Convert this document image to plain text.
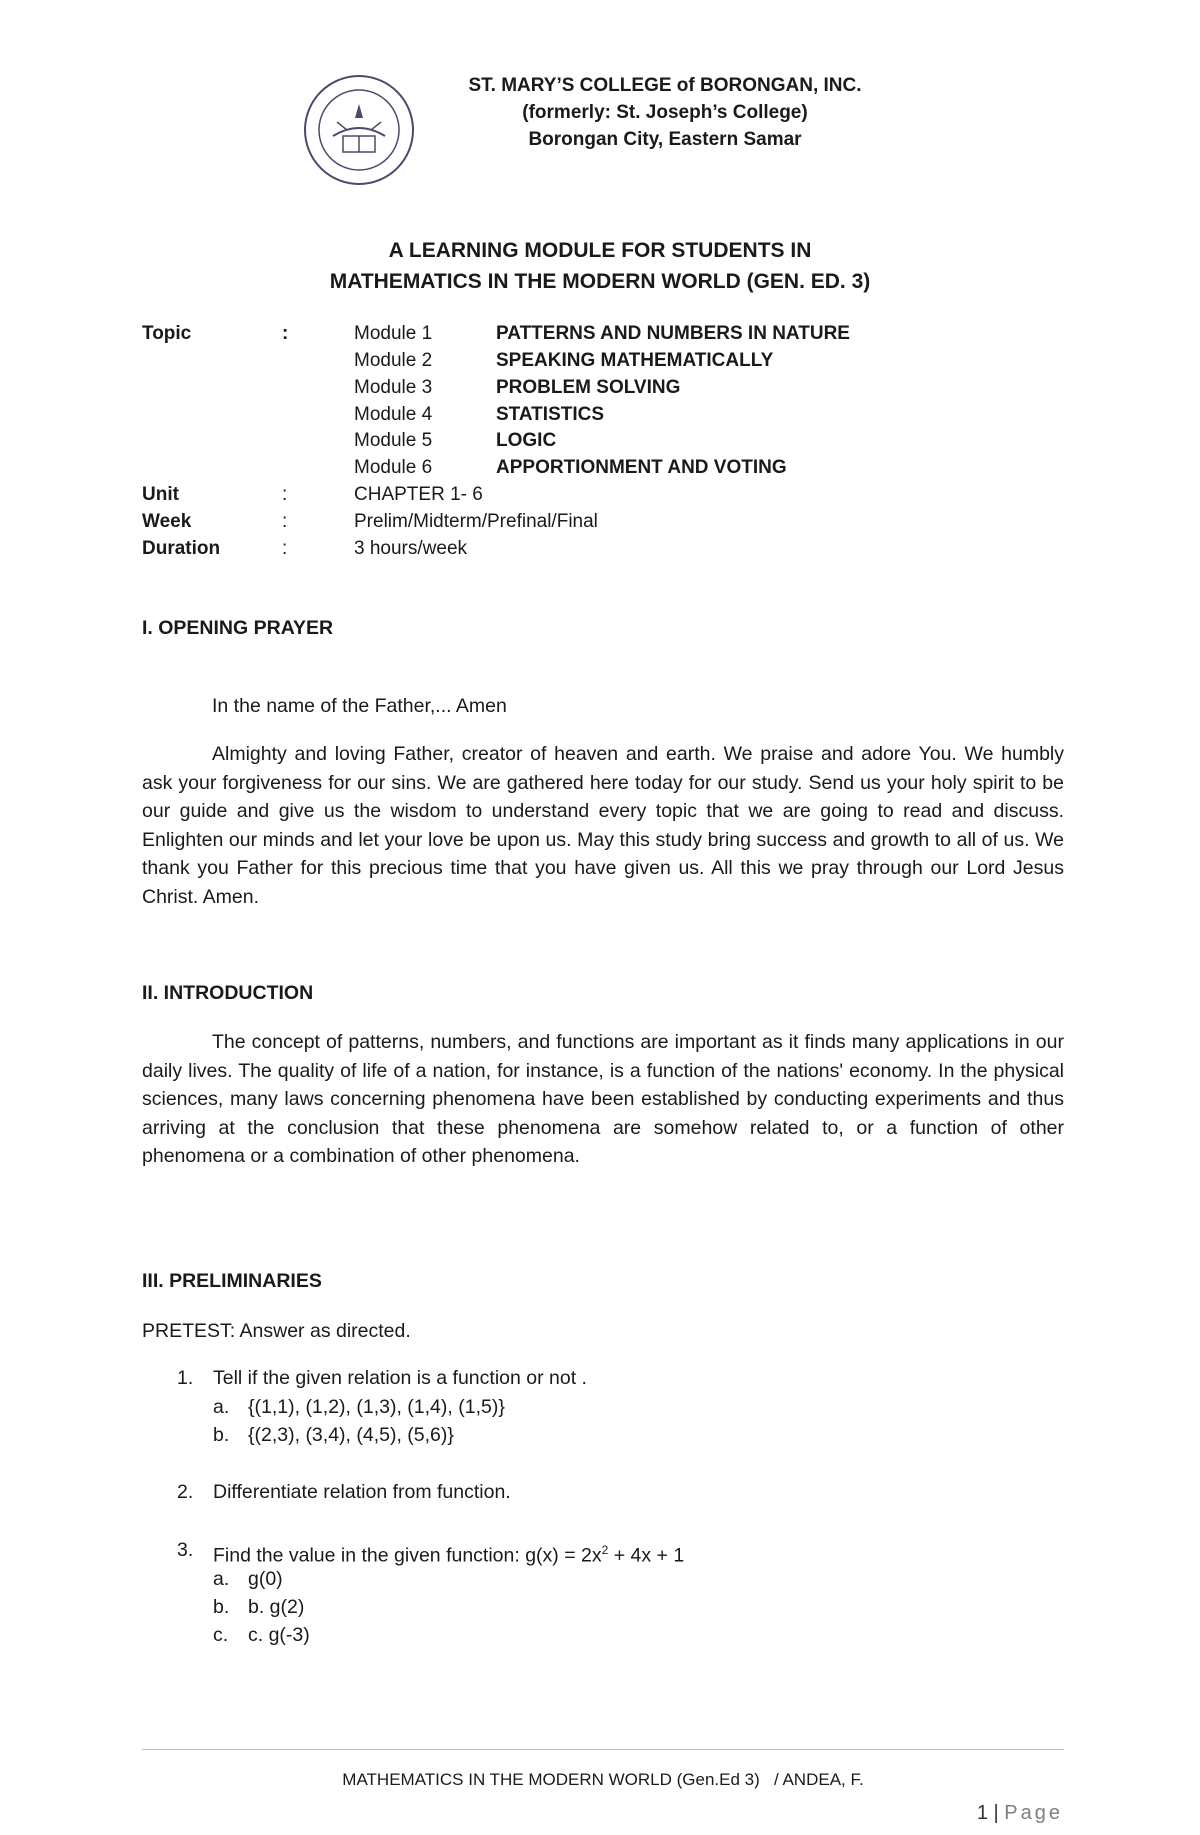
ST. MARY’S COLLEGE of BORONGAN, INC.
(formerly: St. Joseph’s College)
Borongan City, Eastern Samar
A LEARNING MODULE FOR STUDENTS IN
MATHEMATICS IN THE MODERN WORLD (GEN. ED. 3)
Topic	:	Module 1	PATTERNS AND NUMBERS IN NATURE
Module 2	SPEAKING MATHEMATICALLY
Module 3	PROBLEM SOLVING
Module 4	STATISTICS
Module 5	LOGIC
Module 6	APPORTIONMENT AND VOTING
Unit	:	CHAPTER 1- 6
Week	:	Prelim/Midterm/Prefinal/Final
Duration	:	3 hours/week
I. OPENING PRAYER
In the name of the Father,... Amen

Almighty and loving Father, creator of heaven and earth. We praise and adore You. We humbly ask your forgiveness for our sins. We are gathered here today for our study. Send us your holy spirit to be our guide and give us the wisdom to understand every topic that we are going to read and discuss. Enlighten our minds and let your love be upon us. May this study bring success and growth to all of us. We thank you Father for this precious time that you have given us. All this we pray through our Lord Jesus Christ. Amen.

II. INTRODUCTION

The concept of patterns, numbers, and functions are important as it finds many applications in our daily lives. The quality of life of a nation, for instance, is a function of the nations' economy. In the physical sciences, many laws concerning phenomena have been established by conducting experiments and thus arriving at the conclusion that these phenomena are somehow related to, or a function of other phenomena or a combination of other phenomena.

III. PRELIMINARIES
PRETEST: Answer as directed.
1. Tell if the given relation is a function or not .
a. {(1,1), (1,2), (1,3), (1,4), (1,5)}
b. {(2,3), (3,4), (4,5), (5,6)}
2. Differentiate relation from function.
3. Find the value in the given function: $g(x) = 2x^2 + 4x + 1$
a. g(0)
b. b. g(2)
c. c. g(-3)
MATHEMATICS IN THE MODERN WORLD (Gen.Ed 3)   / ANDEA, F.
1 | Page
